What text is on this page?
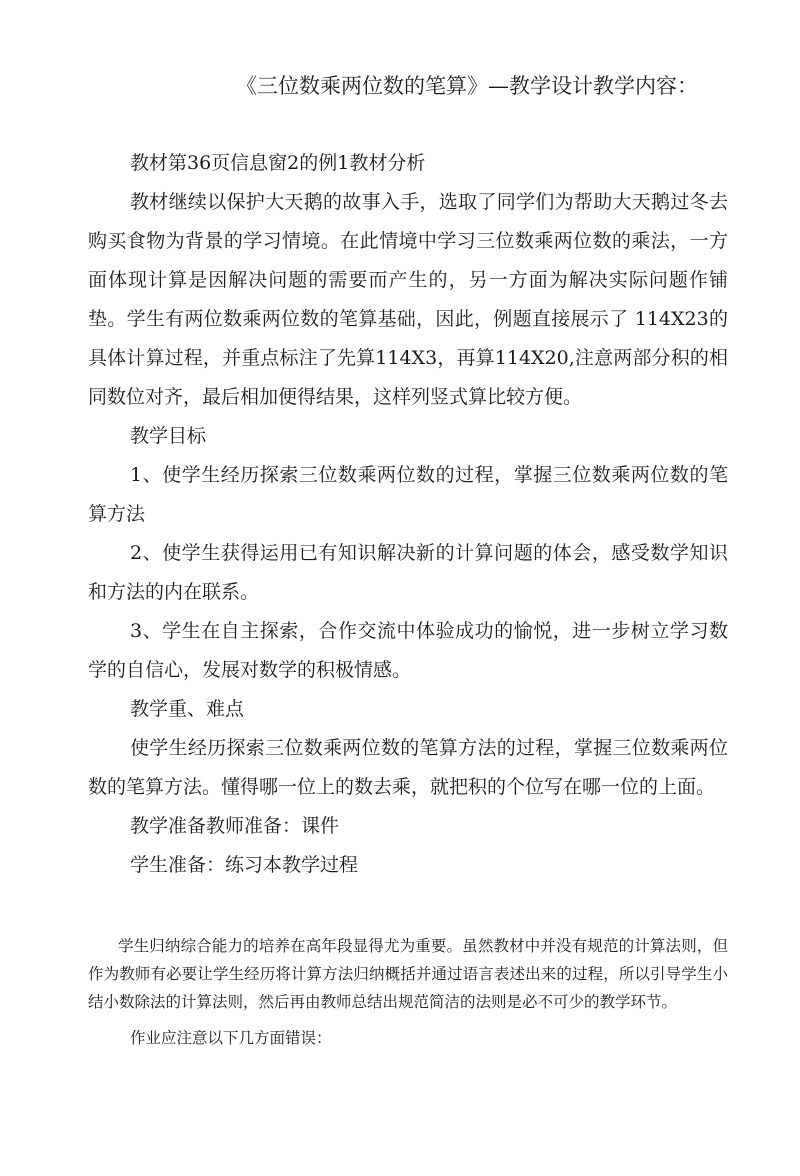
《三位数乘两位数的笔算》—教学设计教学内容：

教材第36页信息窗2的例1教材分析

教材继续以保护大天鹅的故事入手，选取了同学们为帮助大天鹅过冬去购买食物为背景的学习情境。在此情境中学习三位数乘两位数的乘法，一方面体现计算是因解决问题的需要而产生的，另一方面为解决实际问题作铺垫。学生有两位数乘两位数的笔算基础，因此，例题直接展示了 114X23的具体计算过程，并重点标注了先算114X3，再算114X20,注意两部分积的相同数位对齐，最后相加便得结果，这样列竖式算比较方便。

教学目标

1、使学生经历探索三位数乘两位数的过程，掌握三位数乘两位数的笔算方法

2、使学生获得运用已有知识解决新的计算问题的体会，感受数学知识和方法的内在联系。

3、学生在自主探索，合作交流中体验成功的愉悦，进一步树立学习数学的自信心，发展对数学的积极情感。

教学重、难点

使学生经历探索三位数乘两位数的笔算方法的过程，掌握三位数乘两位数的笔算方法。懂得哪一位上的数去乘，就把积的个位写在哪一位的上面。

教学准备教师准备：课件

学生准备：练习本教学过程

学生归纳综合能力的培养在高年段显得尤为重要。虽然教材中并没有规范的计算法则，但作为教师有必要让学生经历将计算方法归纳概括并通过语言表述出来的过程，所以引导学生小结小数除法的计算法则，然后再由教师总结出规范简洁的法则是必不可少的教学环节。

作业应注意以下几方面错误：
